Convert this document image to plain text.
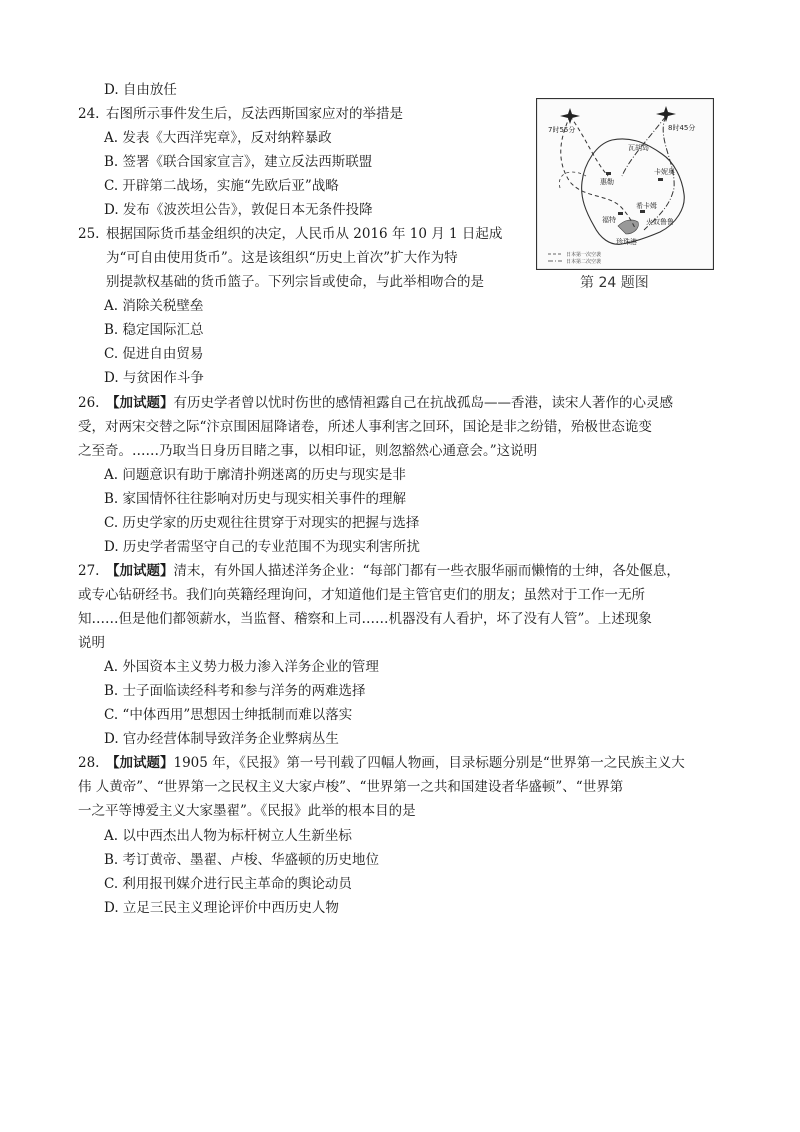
D. 自由放任
24. 右图所示事件发生后，反法西斯国家应对的举措是
A. 发表《大西洋宪章》，反对纳粹暴政
B. 签署《联合国家宣言》，建立反法西斯联盟
C. 开辟第二战场，实施“先欧后亚”战略
D. 发布《波茨坦公告》，敦促日本无条件投降
25. 根据国际货币基金组织的决定，人民币从 2016 年 10 月 1 日起成
为“可自由使用货币”。这是该组织“历史上首次”扩大作为特
别提款权基础的货币篮子。下列宗旨或使命，与此举相吻合的是
A. 消除关税壁垒
B. 稳定国际汇总
C. 促进自由贸易
D. 与贫困作斗争
26. 【加试题】有历史学者曾以忧时伤世的感情袒露自己在抗战孤岛——香港，读宋人著作的心灵感
受，对两宋交替之际“汴京围困屈降诸卷，所述人事利害之回环，国论是非之纷错，殆极世态诡变
之至奇。……乃取当日身历目睹之事，以相印证，则忽豁然心通意会。”这说明
A. 问题意识有助于廓清扑朔迷离的历史与现实是非
B. 家国情怀往往影响对历史与现实相关事件的理解
C. 历史学家的历史观往往贯穿于对现实的把握与选择
D. 历史学者需坚守自己的专业范围不为现实利害所扰
27. 【加试题】清末，有外国人描述洋务企业：“每部门都有一些衣服华丽而懒惰的士绅，各处偃息，
或专心钻研经书。我们向英籍经理询问，才知道他们是主管官吏们的朋友；虽然对于工作一无所
知……但是他们都领薪水，当监督、稽察和上司……机器没有人看护，坏了没有人管”。上述现象
说明
A. 外国资本主义势力极力渗入洋务企业的管理
B. 士子面临读经科考和参与洋务的两难选择
C. “中体西用”思想因士绅抵制而难以落实
D. 官办经营体制导致洋务企业弊病丛生
28. 【加试题】1905 年，《民报》第一号刊载了四幅人物画，目录标题分别是“世界第一之民族主义大
伟 人黄帝”、“世界第一之民权主义大家卢梭”、“世界第一之共和国建设者华盛顿”、“世界第
一之平等博爱主义大家墨翟”。《民报》此举的根本目的是
A. 以中西杰出人物为标杆树立人生新坐标
B. 考订黄帝、墨翟、卢梭、华盛顿的历史地位
C. 利用报刊媒介进行民主革命的舆论动员
D. 立足三民主义理论评价中西历史人物
7时55分	8时45分
瓦胡岛
惠勒
卡妮奥
希卡姆
福特	火奴鲁鲁
珍珠港
日本第一次空袭
日本第二次空袭
第 24 题图
